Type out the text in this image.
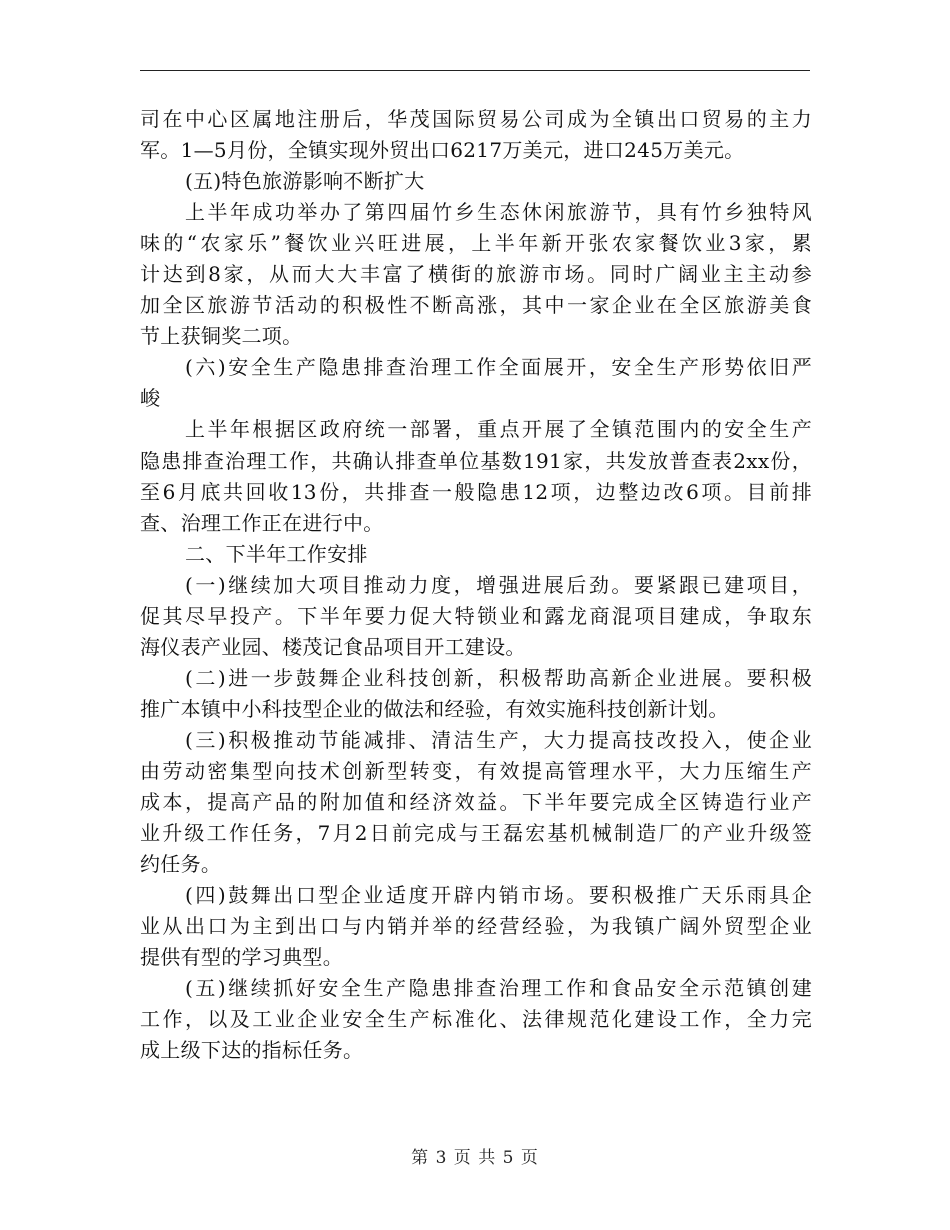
司在中心区属地注册后，华茂国际贸易公司成为全镇出口贸易的主力
军。1—5月份，全镇实现外贸出口6217万美元，进口245万美元。
(五)特色旅游影响不断扩大
上半年成功举办了第四届竹乡生态休闲旅游节，具有竹乡独特风
味的“农家乐”餐饮业兴旺进展，上半年新开张农家餐饮业3家，累
计达到8家，从而大大丰富了横街的旅游市场。同时广阔业主主动参
加全区旅游节活动的积极性不断高涨，其中一家企业在全区旅游美食
节上获铜奖二项。
(六)安全生产隐患排查治理工作全面展开，安全生产形势依旧严
峻
上半年根据区政府统一部署，重点开展了全镇范围内的安全生产
隐患排查治理工作，共确认排查单位基数191家，共发放普查表2xx份，
至6月底共回收13份，共排查一般隐患12项，边整边改6项。目前排
查、治理工作正在进行中。
二、下半年工作安排
(一)继续加大项目推动力度，增强进展后劲。要紧跟已建项目，
促其尽早投产。下半年要力促大特锁业和露龙商混项目建成，争取东
海仪表产业园、楼茂记食品项目开工建设。
(二)进一步鼓舞企业科技创新，积极帮助高新企业进展。要积极
推广本镇中小科技型企业的做法和经验，有效实施科技创新计划。
(三)积极推动节能减排、清洁生产，大力提高技改投入，使企业
由劳动密集型向技术创新型转变，有效提高管理水平，大力压缩生产
成本，提高产品的附加值和经济效益。下半年要完成全区铸造行业产
业升级工作任务，7月2日前完成与王磊宏基机械制造厂的产业升级签
约任务。
(四)鼓舞出口型企业适度开辟内销市场。要积极推广天乐雨具企
业从出口为主到出口与内销并举的经营经验，为我镇广阔外贸型企业
提供有型的学习典型。
(五)继续抓好安全生产隐患排查治理工作和食品安全示范镇创建
工作，以及工业企业安全生产标准化、法律规范化建设工作，全力完
成上级下达的指标任务。
第 3 页 共 5 页
